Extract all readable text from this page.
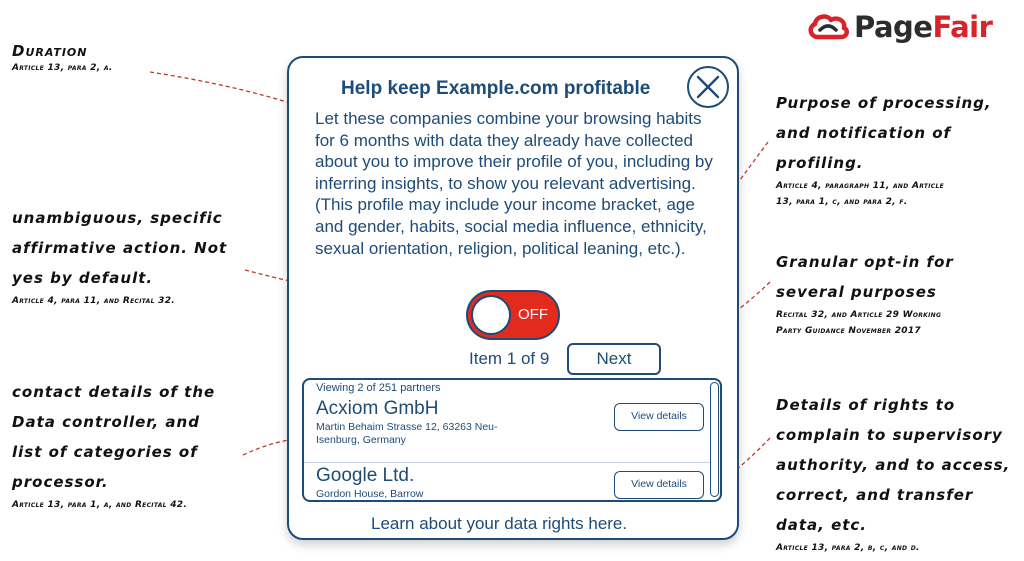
PageFair
Duration
Article 13, para 2, a.
unambiguous, specific
affirmative action. Not
yes by default.
Article 4, para 11, and Recital 32.
contact details of the
Data controller, and
list of categories of
processor.
Article 13, para 1, a, and Recital 42.
Purpose of processing,
and notification of
profiling.
Article 4, paragraph 11, and Article
13, para 1, c, and para 2, f.
Granular opt-in for
several purposes
Recital 32, and Article 29 Working
Party Guidance November 2017
Details of rights to
complain to supervisory
authority, and to access,
correct, and transfer
data, etc.
Article 13, para 2, b, c, and d.
Help keep Example.com profitable
Let these companies combine your browsing habits for 6 months with data they already have collected about you to improve their profile of you, including by inferring insights, to show you relevant advertising. (This profile may include your income bracket, age and gender, habits, social media influence, ethnicity, sexual orientation, religion, political leaning, etc.).
OFF
Item 1 of 9	Next
Viewing 2 of 251 partners
Acxiom GmbH
Martin Behaim Strasse 12, 63263 Neu-Isenburg, Germany
View details
Google Ltd.
Gordon House, Barrow
View details
Learn about your data rights here.
